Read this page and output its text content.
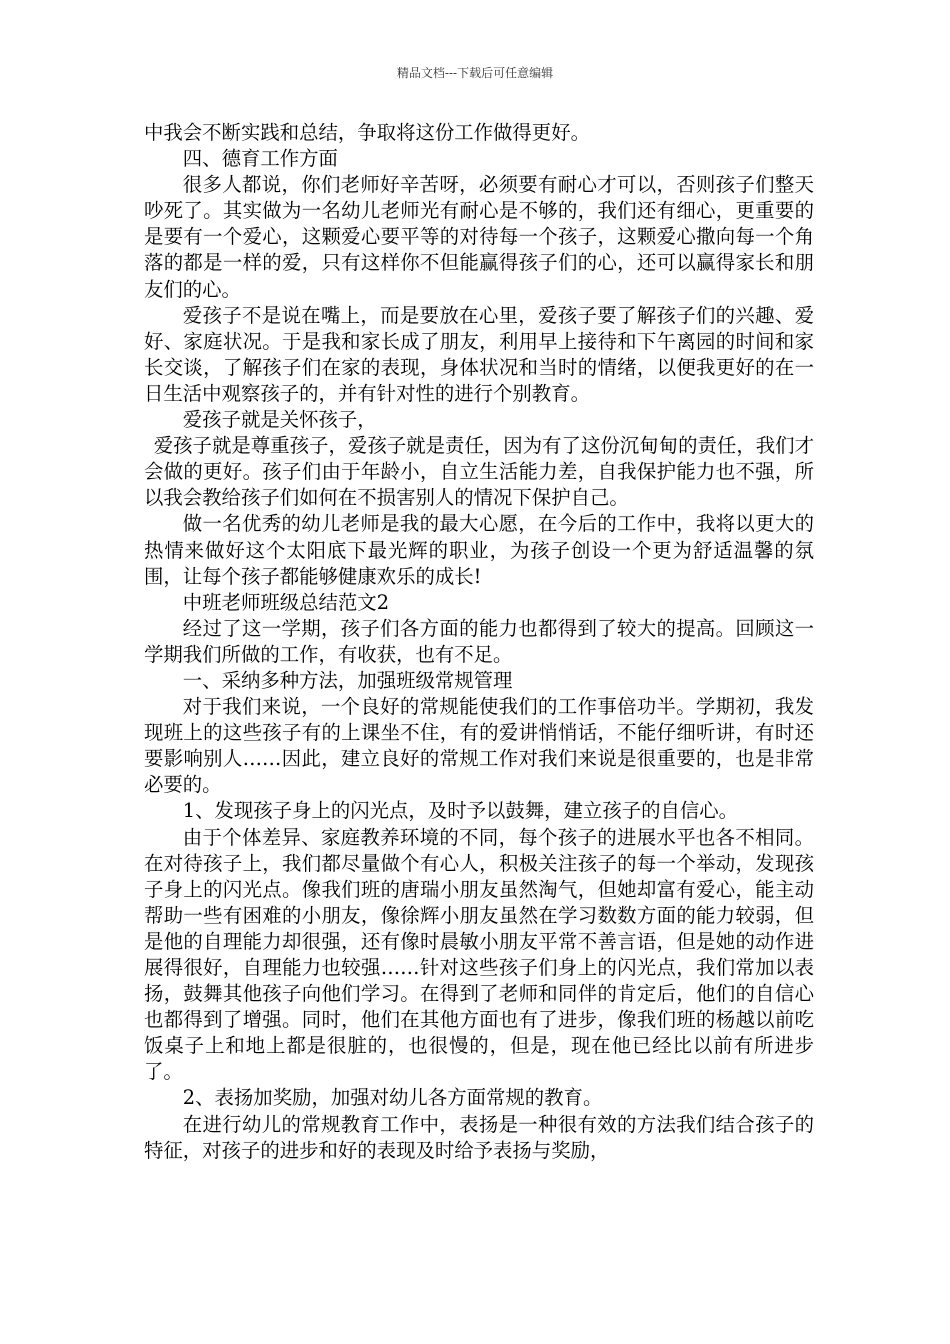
精品文档---下载后可任意编辑

中我会不断实践和总结，争取将这份工作做得更好。

四、德育工作方面

很多人都说，你们老师好辛苦呀，必须要有耐心才可以，否则孩子们整天吵死了。其实做为一名幼儿老师光有耐心是不够的，我们还有细心，更重要的是要有一个爱心，这颗爱心要平等的对待每一个孩子，这颗爱心撒向每一个角落的都是一样的爱，只有这样你不但能赢得孩子们的心，还可以赢得家长和朋友们的心。

爱孩子不是说在嘴上，而是要放在心里，爱孩子要了解孩子们的兴趣、爱好、家庭状况。于是我和家长成了朋友，利用早上接待和下午离园的时间和家长交谈，了解孩子们在家的表现，身体状况和当时的情绪，以便我更好的在一日生活中观察孩子的，并有针对性的进行个别教育。

爱孩子就是关怀孩子，

爱孩子就是尊重孩子，爱孩子就是责任，因为有了这份沉甸甸的责任，我们才会做的更好。孩子们由于年龄小，自立生活能力差，自我保护能力也不强，所以我会教给孩子们如何在不损害别人的情况下保护自己。

做一名优秀的幼儿老师是我的最大心愿，在今后的工作中，我将以更大的热情来做好这个太阳底下最光辉的职业，为孩子创设一个更为舒适温馨的氛围，让每个孩子都能够健康欢乐的成长!

中班老师班级总结范文2

经过了这一学期，孩子们各方面的能力也都得到了较大的提高。回顾这一学期我们所做的工作，有收获，也有不足。

一、采纳多种方法，加强班级常规管理

对于我们来说，一个良好的常规能使我们的工作事倍功半。学期初，我发现班上的这些孩子有的上课坐不住，有的爱讲悄悄话，不能仔细听讲，有时还要影响别人……因此，建立良好的常规工作对我们来说是很重要的，也是非常必要的。

1、发现孩子身上的闪光点，及时予以鼓舞，建立孩子的自信心。

由于个体差异、家庭教养环境的不同，每个孩子的进展水平也各不相同。在对待孩子上，我们都尽量做个有心人，积极关注孩子的每一个举动，发现孩子身上的闪光点。像我们班的唐瑞小朋友虽然淘气，但她却富有爱心，能主动帮助一些有困难的小朋友，像徐辉小朋友虽然在学习数数方面的能力较弱，但是他的自理能力却很强，还有像时晨敏小朋友平常不善言语，但是她的动作进展得很好，自理能力也较强……针对这些孩子们身上的闪光点，我们常加以表扬，鼓舞其他孩子向他们学习。在得到了老师和同伴的肯定后，他们的自信心也都得到了增强。同时，他们在其他方面也有了进步，像我们班的杨越以前吃饭桌子上和地上都是很脏的，也很慢的，但是，现在他已经比以前有所进步了。

2、表扬加奖励，加强对幼儿各方面常规的教育。

在进行幼儿的常规教育工作中，表扬是一种很有效的方法我们结合孩子的特征，对孩子的进步和好的表现及时给予表扬与奖励，
